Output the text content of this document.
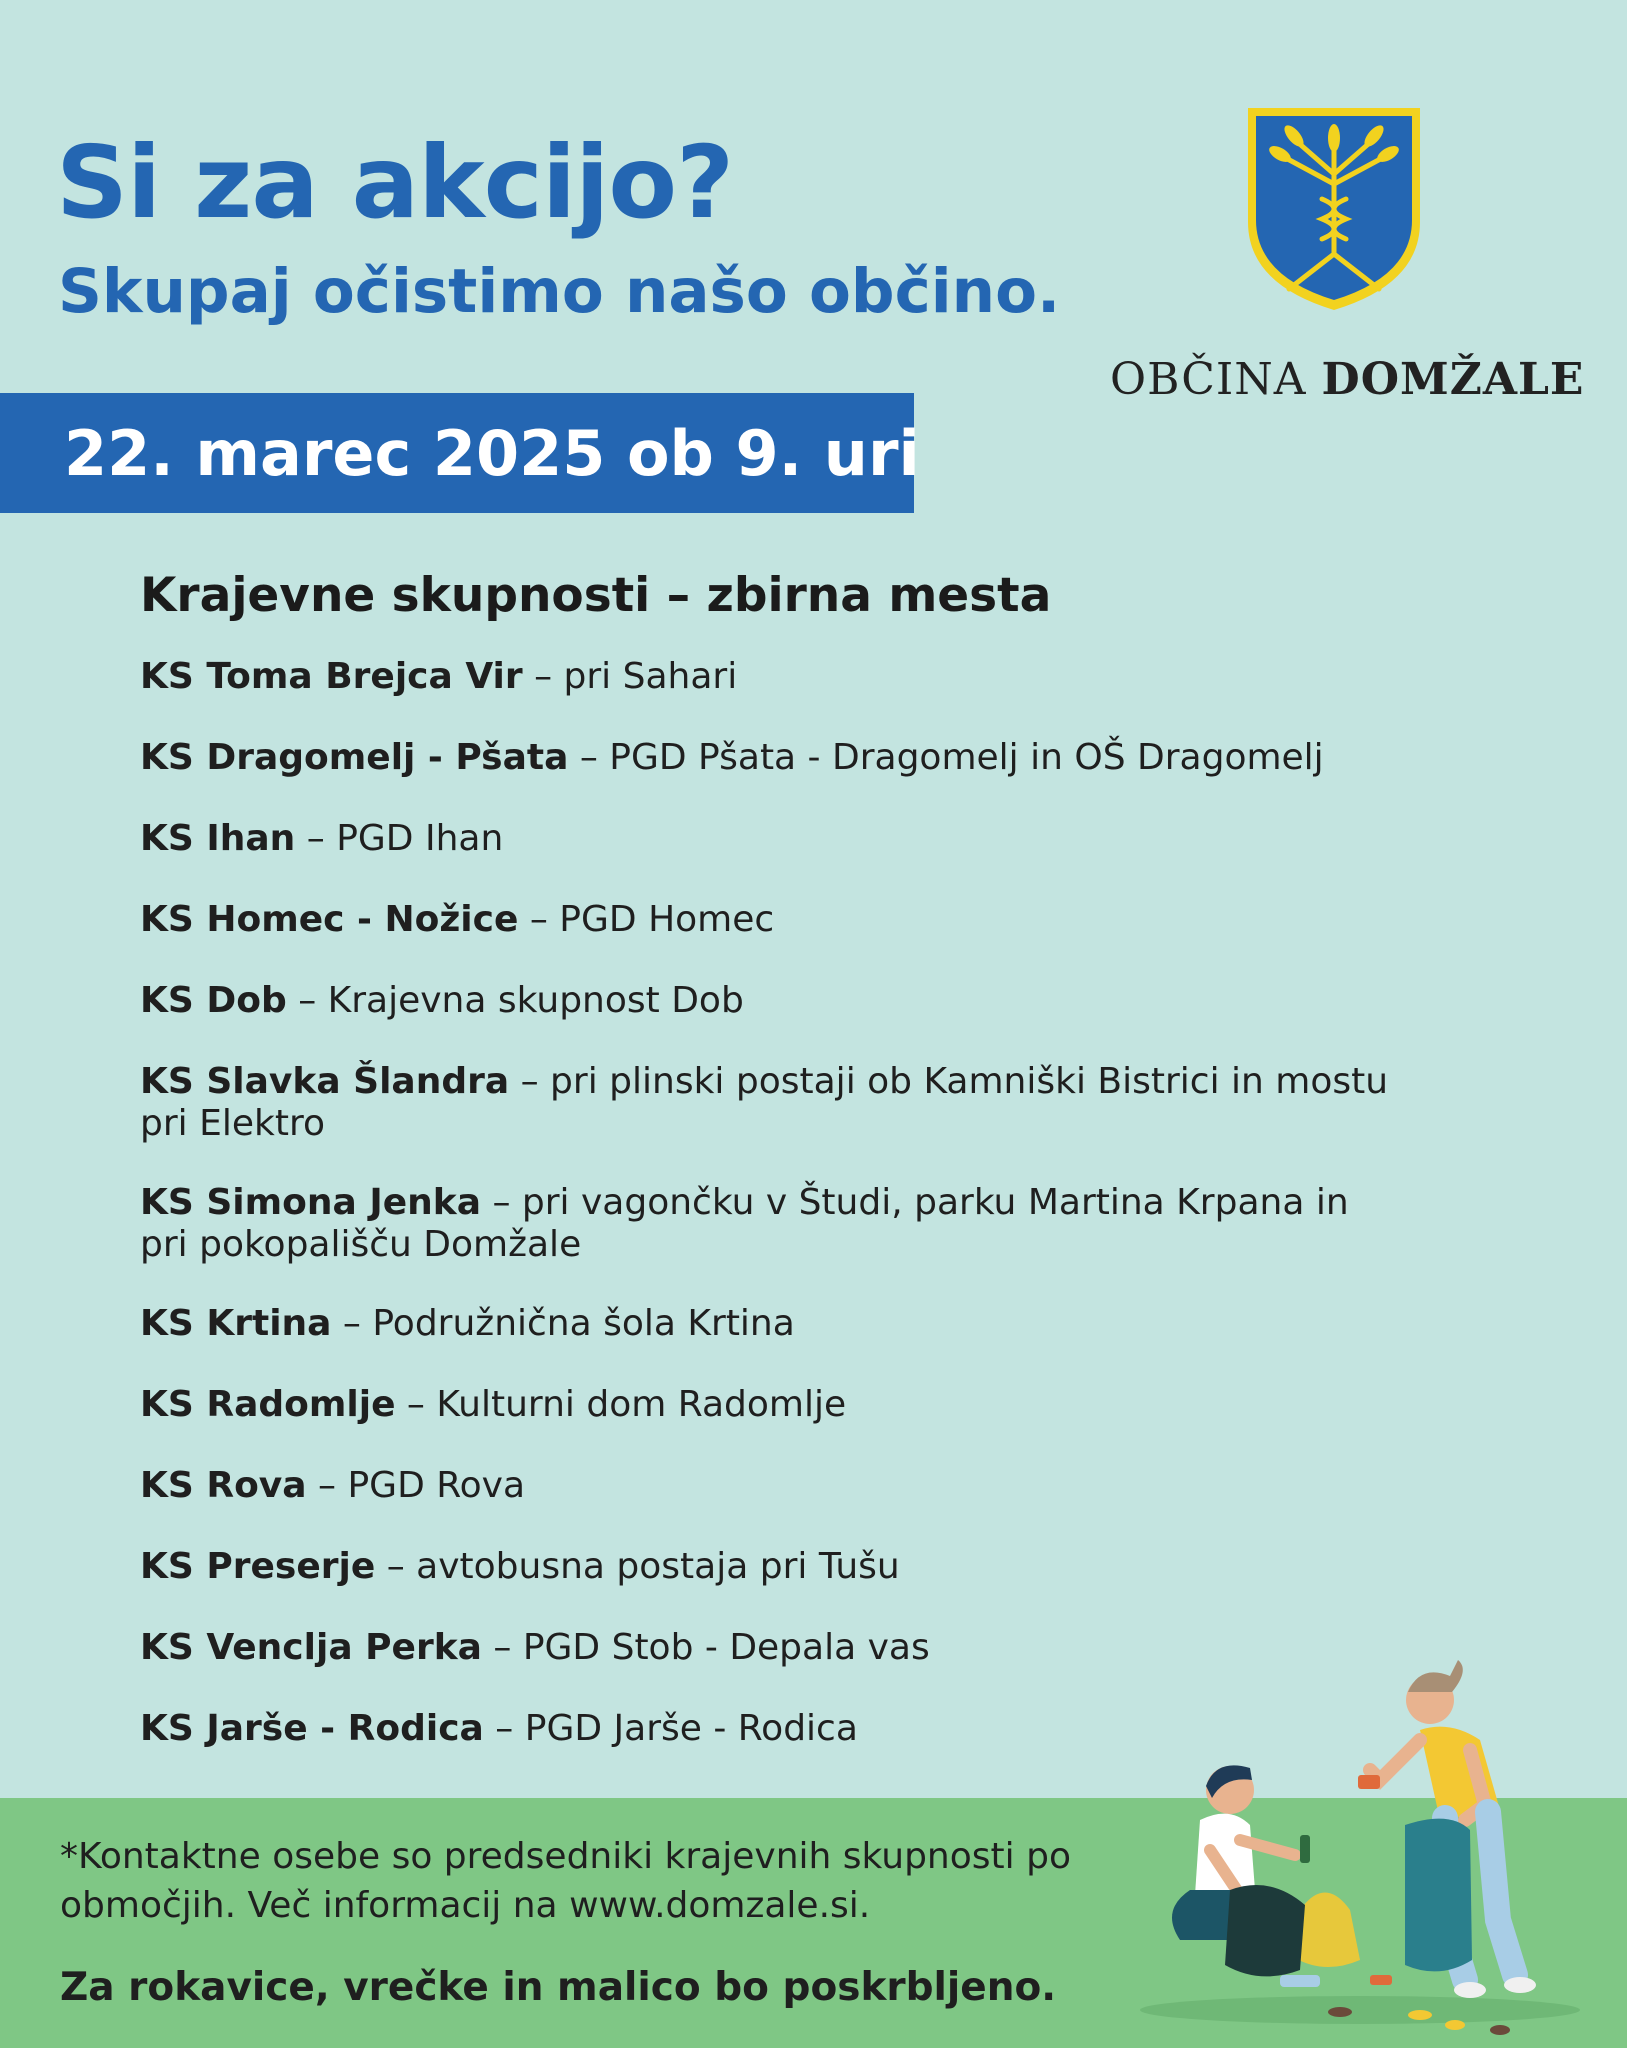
Si za akcijo?
Skupaj očistimo našo občino.
OBČINA DOMŽALE
22. marec 2025 ob 9. uri
Krajevne skupnosti – zbirna mesta
KS Toma Brejca Vir – pri Sahari
KS Dragomelj - Pšata – PGD Pšata - Dragomelj in OŠ Dragomelj
KS Ihan – PGD Ihan
KS Homec - Nožice – PGD Homec
KS Dob – Krajevna skupnost Dob
KS Slavka Šlandra – pri plinski postaji ob Kamniški Bistrici in mostu pri Elektro
KS Simona Jenka – pri vagončku v Študi, parku Martina Krpana in pri pokopališču Domžale
KS Krtina – Podružnična šola Krtina
KS Radomlje – Kulturni dom Radomlje
KS Rova – PGD Rova
KS Preserje – avtobusna postaja pri Tušu
KS Venclja Perka – PGD Stob - Depala vas
KS Jarše - Rodica – PGD Jarše - Rodica

*Kontaktne osebe so predsedniki krajevnih skupnosti po območjih. Več informacij na www.domzale.si.

Za rokavice, vrečke in malico bo poskrbljeno.
